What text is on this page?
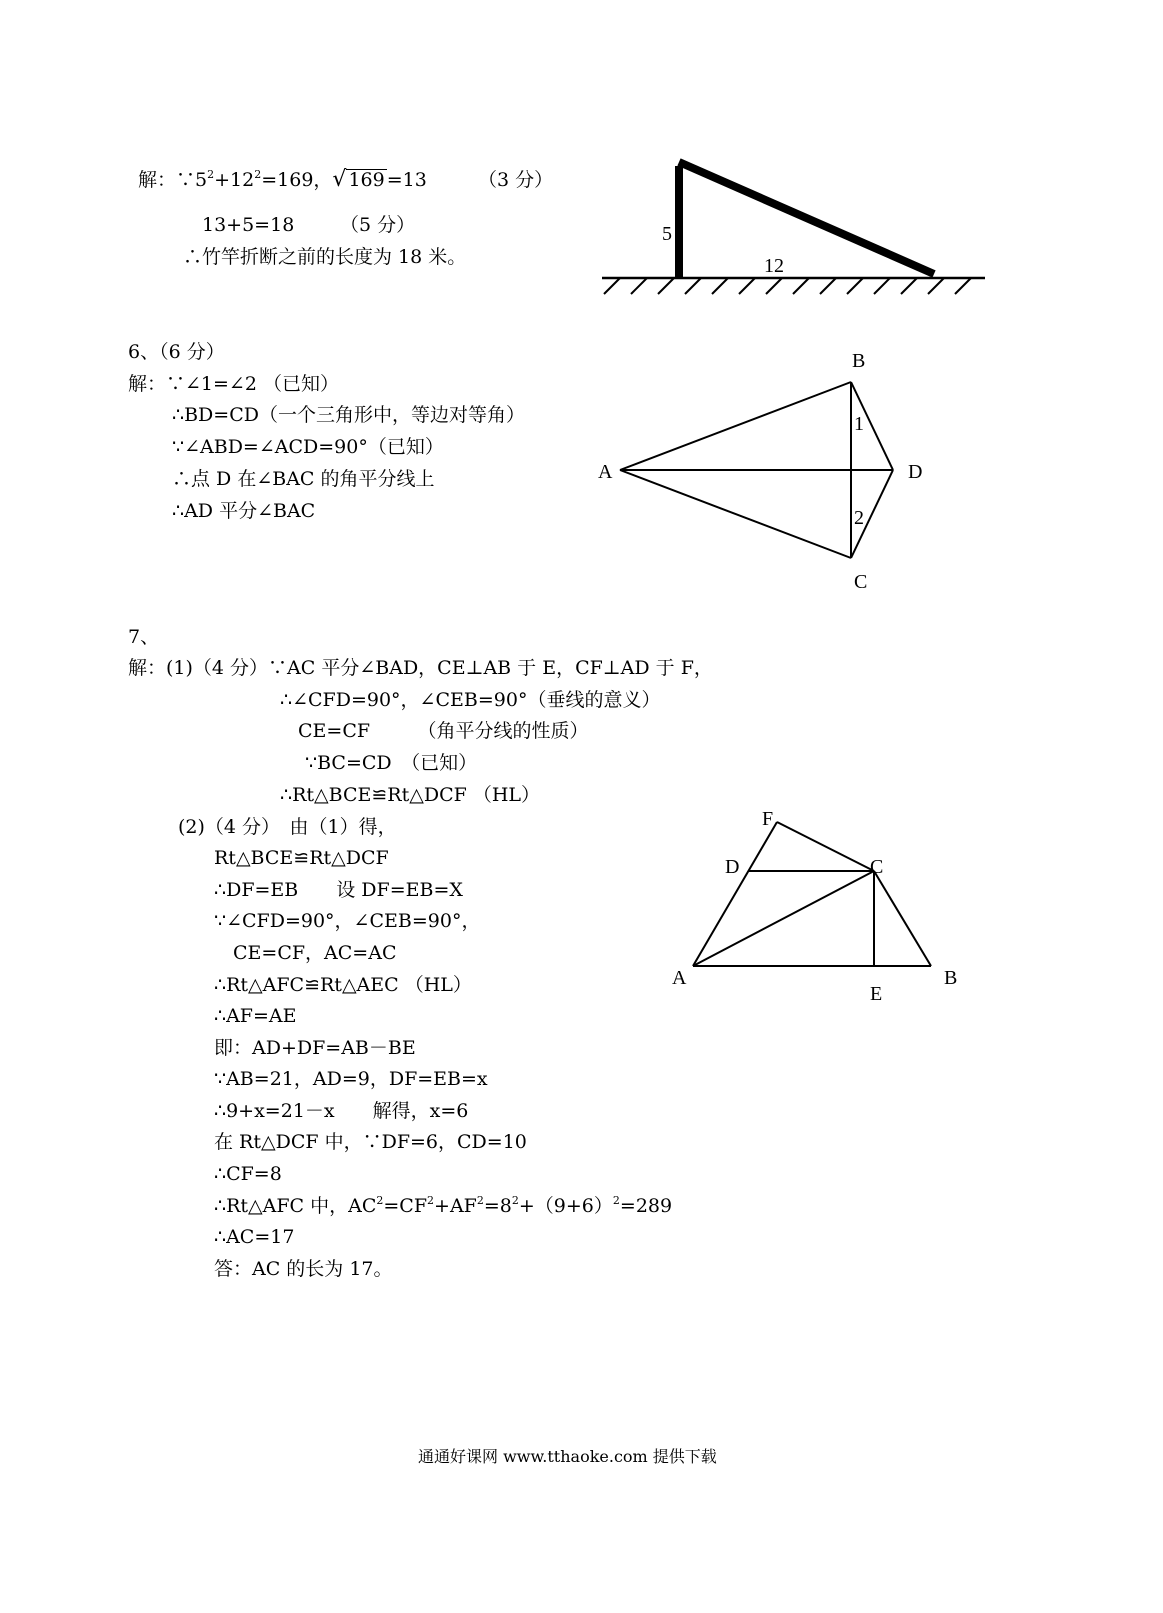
解：$\because 5^2+12^2=169$，√ 169 =13	（3 分）
13+5=18 （5 分）
∴竹竿折断之前的长度为 18 米。
6、（6 分）
解：∵∠1=∠2 （已知）
∴BD=CD（一个三角形中，等边对等角）
∵∠ABD=∠ACD=90°（已知）
∴点 D 在∠BAC 的角平分线上
∴AD 平分∠BAC
7、
解：(1)（4 分）∵AC 平分∠BAD，CE⊥AB 于 E，CF⊥AD 于 F，
∴∠CFD=90°，∠CEB=90°（垂线的意义）
CE=CF　　　（角平分线的性质）
∵BC=CD　（已知）
∴Rt△BCE≌Rt△DCF （HL）
(2)（4 分）　由（1）得，
Rt△BCE≌Rt△DCF
∴DF=EB　　设 DF=EB=X
∵∠CFD=90°，∠CEB=90°，
CE=CF，AC=AC
∴Rt△AFC≌Rt△AEC （HL）
∴AF=AE
即：AD+DF=AB－BE
∵AB=21，AD=9，DF=EB=x
∴9+x=21－x　　解得，x=6
在 Rt△DCF 中，∵DF=6，CD=10
∴CF=8
∴Rt△AFC 中，$AC^2=CF^2+AF^2=8^2+(9+6)^2=289$
∴AC=17
答：AC 的长为 17。
5
12
A
B
C
D
1
2
F
D	C
A
E
B
通通好课网 www.tthaoke.com 提供下载
